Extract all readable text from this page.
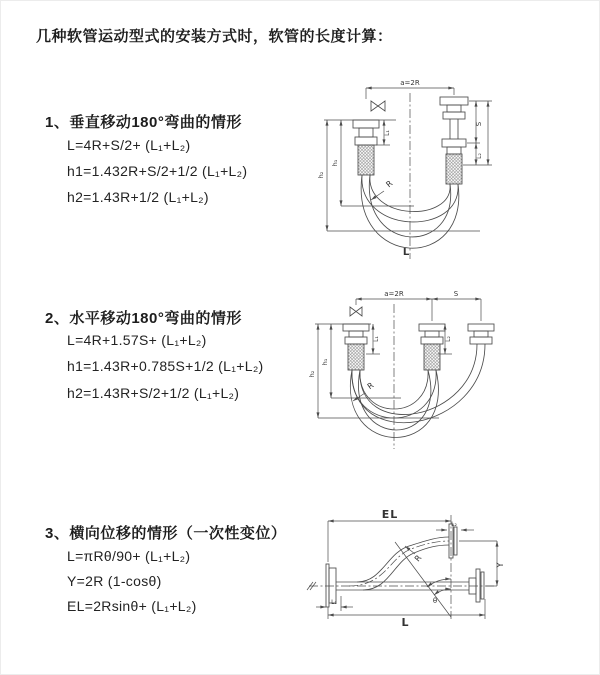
几种软管运动型式的安装方式时，软管的长度计算：
1、垂直移动180°弯曲的情形
L=4R+S/2+ (L₁+L₂)
h1=1.432R+S/2+1/2 (L₁+L₂)
h2=1.43R+1/2 (L₁+L₂)
2、水平移动180°弯曲的情形
L=4R+1.57S+ (L₁+L₂)
h1=1.43R+0.785S+1/2 (L₁+L₂)
h2=1.43R+S/2+1/2 (L₁+L₂)
3、横向位移的情形（一次性变位）
L=πRθ/90+ (L₁+L₂)
Y=2R (1-cosθ)
EL=2Rsinθ+ (L₁+L₂)
a=2R
S
L₂
L₁
h₁
h₂
R
L
a=2R	S
L₁	L₂
h₁
h₂
R
EL
L₂
Y
L
L₁
R
θ
